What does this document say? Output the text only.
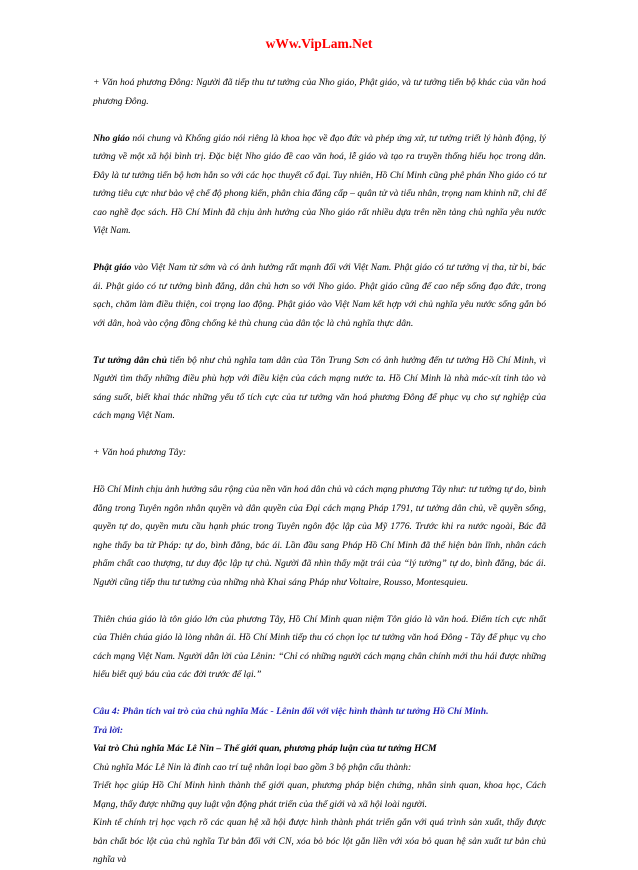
wWw.VipLam.Net

+ Văn hoá phương Đông: Người đã tiếp thu tư tưởng của Nho giáo, Phật giáo, và tư tưởng tiến bộ khác của văn hoá phương Đông.

Nho giáo nói chung và Khổng giáo nói riêng là khoa học về đạo đức và phép ứng xử, tư tưởng triết lý hành động, lý tưởng về một xã hội bình trị. Đặc biệt Nho giáo đề cao văn hoá, lễ giáo và tạo ra truyền thống hiếu học trong dân. Đây là tư tưởng tiến bộ hơn hẳn so với các học thuyết cổ đại. Tuy nhiên, Hồ Chí Minh cũng phê phán Nho giáo có tư tưởng tiêu cực như bảo vệ chế độ phong kiến, phân chia đẳng cấp – quân tử và tiểu nhân, trọng nam khinh nữ, chỉ để cao nghề đọc sách. Hồ Chí Minh đã chịu ảnh hưởng của Nho giáo rất nhiều dựa trên nền tảng chủ nghĩa yêu nước Việt Nam.

Phật giáo vào Việt Nam từ sớm và có ảnh hưởng rất mạnh đối với Việt Nam. Phật giáo có tư tưởng vị tha, từ bi, bác ái. Phật giáo có tư tưởng bình đẳng, dân chủ hơn so với Nho giáo. Phật giáo cũng để cao nếp sống đạo đức, trong sạch, chăm làm điều thiện, coi trọng lao động. Phật giáo vào Việt Nam kết hợp với chủ nghĩa yêu nước sống gắn bó với dân, hoà vào cộng đồng chống kẻ thù chung của dân tộc là chủ nghĩa thực dân.

Tư tưởng dân chủ tiến bộ như chủ nghĩa tam dân của Tôn Trung Sơn có ảnh hưởng đến tư tưởng Hồ Chí Minh, vì Người tìm thấy những điều phù hợp với điều kiện của cách mạng nước ta. Hồ Chí Minh là nhà mác-xít tinh tảo và sáng suốt, biết khai thác những yếu tố tích cực của tư tưởng văn hoá phương Đông để phục vụ cho sự nghiệp của cách mạng Việt Nam.

+ Văn hoá phương Tây:

Hồ Chí Minh chịu ảnh hưởng sâu rộng của nền văn hoá dân chủ và cách mạng phương Tây như: tư tưởng tự do, bình đẳng trong Tuyên ngôn nhân quyền và dân quyền của Đại cách mạng Pháp 1791, tư tưởng dân chủ, về quyền sống, quyền tự do, quyền mưu cầu hạnh phúc trong Tuyên ngôn độc lập của Mỹ 1776. Trước khi ra nước ngoài, Bác đã nghe thấy ba từ Pháp: tự do, bình đẳng, bác ái. Lần đầu sang Pháp Hồ Chí Minh đã thể hiện bản lĩnh, nhân cách phẩm chất cao thượng, tư duy độc lập tự chủ. Người đã nhìn thấy mặt trái của “lý tưởng” tự do, bình đẳng, bác ái. Người cũng tiếp thu tư tưởng của những nhà Khai sáng Pháp như Voltaire, Rousso, Montesquieu.

Thiên chúa giáo là tôn giáo lớn của phương Tây, Hồ Chí Minh quan niệm Tôn giáo là văn hoá. Điểm tích cực nhất của Thiên chúa giáo là lòng nhân ái. Hồ Chí Minh tiếp thu có chọn lọc tư tưởng văn hoá Đông - Tây để phục vụ cho cách mạng Việt Nam. Người dẫn lời của Lênin: “Chỉ có những người cách mạng chân chính mới thu hái được những hiểu biết quý báu của các đời trước để lại.”

Câu 4: Phân tích vai trò của chủ nghĩa Mác - Lênin đối với việc hình thành tư tưởng Hồ Chí Minh.
Trả lời:
Vai trò Chủ nghĩa Mác Lê Nin – Thế giới quan, phương pháp luận của tư tưởng HCM
Chủ nghĩa Mác Lê Nin là đỉnh cao trí tuệ nhân loại bao gồm 3 bộ phận cấu thành:
Triết học giúp Hồ Chí Minh hình thành thế giới quan, phương pháp biện chứng, nhân sinh quan, khoa học, Cách Mạng, thấy được những quy luật vận động phát triển của thế giới và xã hội loài người.
Kinh tế chính trị học vạch rõ các quan hệ xã hội được hình thành phát triển gắn với quá trình sản xuất, thấy được bản chất bóc lột của chủ nghĩa Tư bản đối với CN, xóa bỏ bóc lột gắn liền với xóa bỏ quan hệ sản xuất tư bản chủ nghĩa và
